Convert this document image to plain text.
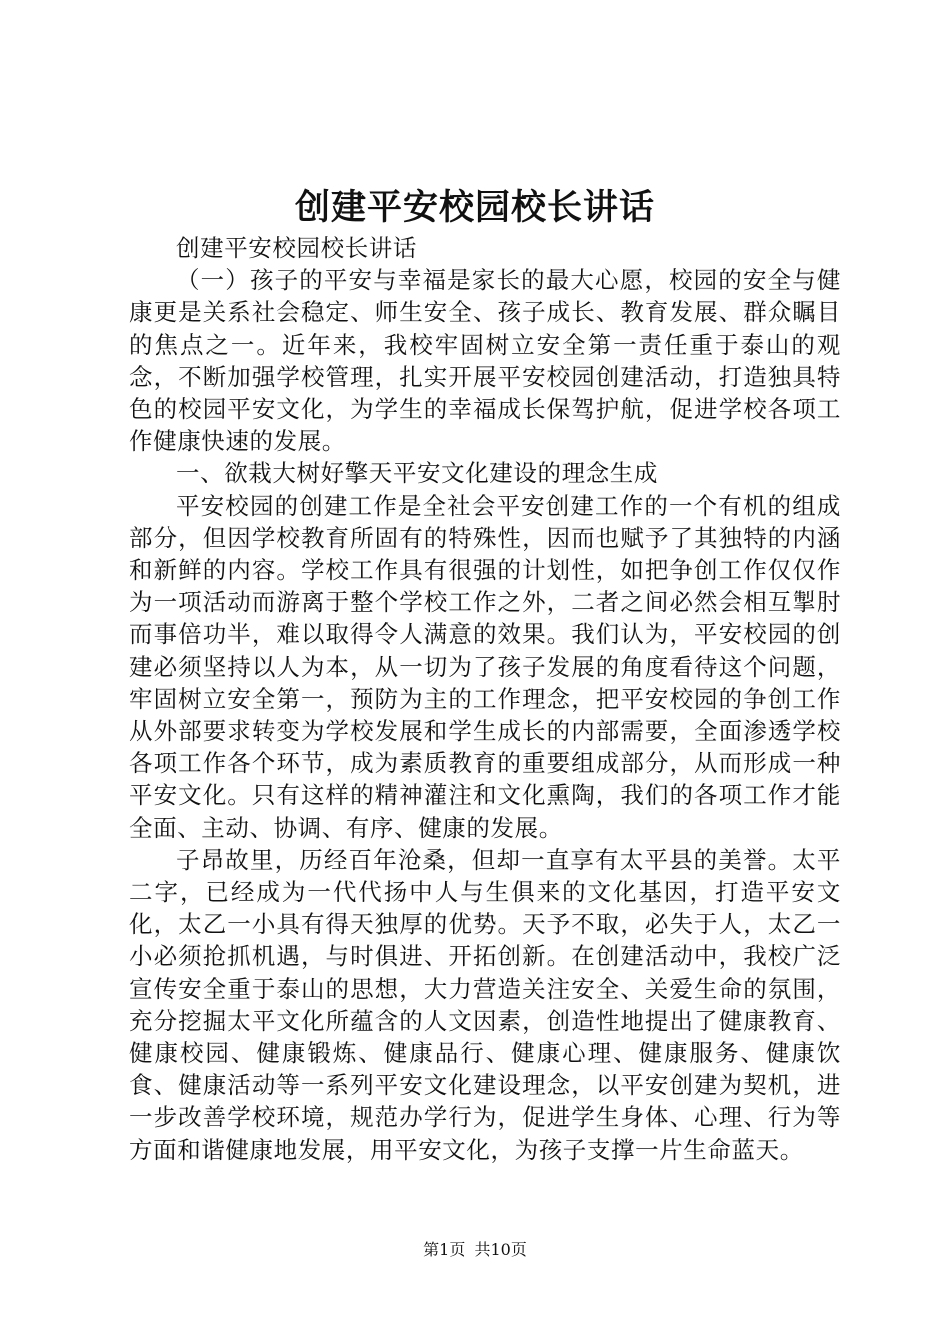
创建平安校园校长讲话

创建平安校园校长讲话

（一）孩子的平安与幸福是家长的最大心愿，校园的安全与健康更是关系社会稳定、师生安全、孩子成长、教育发展、群众瞩目的焦点之一。近年来，我校牢固树立安全第一责任重于泰山的观念，不断加强学校管理，扎实开展平安校园创建活动，打造独具特色的校园平安文化，为学生的幸福成长保驾护航，促进学校各项工作健康快速的发展。

一、欲栽大树好擎天平安文化建设的理念生成

平安校园的创建工作是全社会平安创建工作的一个有机的组成部分，但因学校教育所固有的特殊性，因而也赋予了其独特的内涵和新鲜的内容。学校工作具有很强的计划性，如把争创工作仅仅作为一项活动而游离于整个学校工作之外，二者之间必然会相互掣肘而事倍功半，难以取得令人满意的效果。我们认为，平安校园的创建必须坚持以人为本，从一切为了孩子发展的角度看待这个问题，牢固树立安全第一，预防为主的工作理念，把平安校园的争创工作从外部要求转变为学校发展和学生成长的内部需要，全面渗透学校各项工作各个环节，成为素质教育的重要组成部分，从而形成一种平安文化。只有这样的精神灌注和文化熏陶，我们的各项工作才能全面、主动、协调、有序、健康的发展。

子昂故里，历经百年沧桑，但却一直享有太平县的美誉。太平二字，已经成为一代代扬中人与生俱来的文化基因，打造平安文化，太乙一小具有得天独厚的优势。天予不取，必失于人，太乙一小必须抢抓机遇，与时俱进、开拓创新。在创建活动中，我校广泛宣传安全重于泰山的思想，大力营造关注安全、关爱生命的氛围，充分挖掘太平文化所蕴含的人文因素，创造性地提出了健康教育、健康校园、健康锻炼、健康品行、健康心理、健康服务、健康饮食、健康活动等一系列平安文化建设理念，以平安创建为契机，进一步改善学校环境，规范办学行为，促进学生身体、心理、行为等方面和谐健康地发展，用平安文化，为孩子支撑一片生命蓝天。

第1页 共10页
